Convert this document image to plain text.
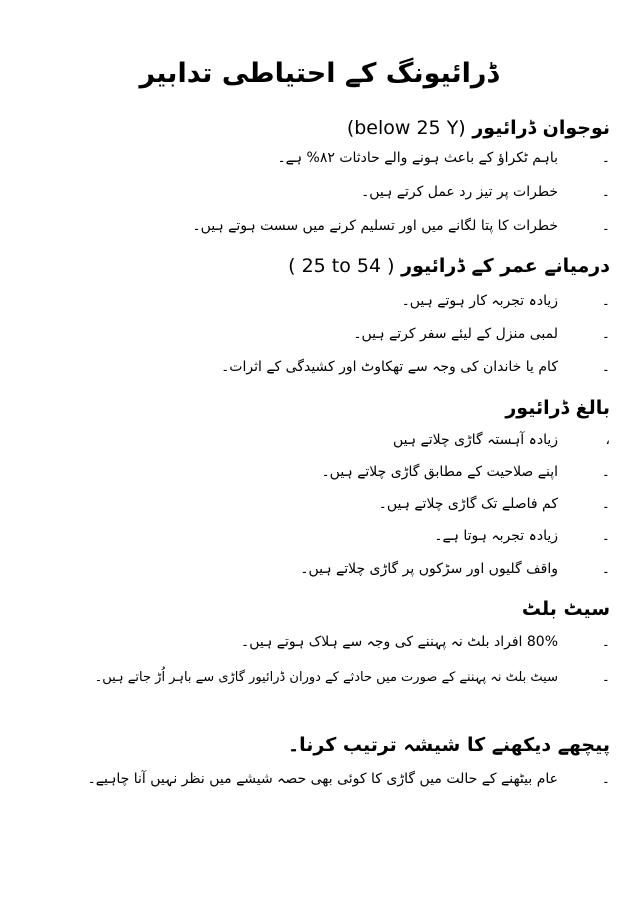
ڈرائیونگ کے احتیاطی تدابیر
نوجوان ڈرائیور (below 25 Y)
۔
باہم ٹکراؤ کے باعث ہونے والے حادثات ۸۲% ہے۔
۔
خطرات پر تیز رد عمل کرتے ہیں۔
۔
خطرات کا پتا لگانے میں اور تسلیم کرنے میں سست ہوتے ہیں۔
درمیانے عمر کے ڈرائیور ( 25 to 54 )
۔
زیادہ تجربہ کار ہوتے ہیں۔
۔
لمبی منزل کے لیئے سفر کرتے ہیں۔
۔
کام یا خاندان کی وجہ سے تھکاوٹ اور کشیدگی کے اثرات۔
بالغ ڈرائیور
،
زیادہ آہستہ گاڑی چلاتے ہیں
۔
اپنے صلاحیت کے مطابق گاڑی چلاتے ہیں۔
۔
کم فاصلے تک گاڑی چلاتے ہیں۔
۔
زیادہ تجربہ ہوتا ہے۔
۔
واقف گلیوں اور سڑکوں پر گاڑی چلاتے ہیں۔
سیٹ بلٹ
۔
80% افراد بلٹ نہ پہننے کی وجہ سے ہلاک ہوتے ہیں۔
۔
سیٹ بلٹ نہ پہننے کے صورت میں حادثے کے دوران ڈرائیور گاڑی سے باہر اُڑ جاتے ہیں۔
پیچھے دیکھنے کا شیشہ ترتیب کرنا۔
۔
عام بیٹھنے کے حالت میں گاڑی کا کوئی بھی حصہ شیشے میں نظر نہیں آنا چاہیے۔
